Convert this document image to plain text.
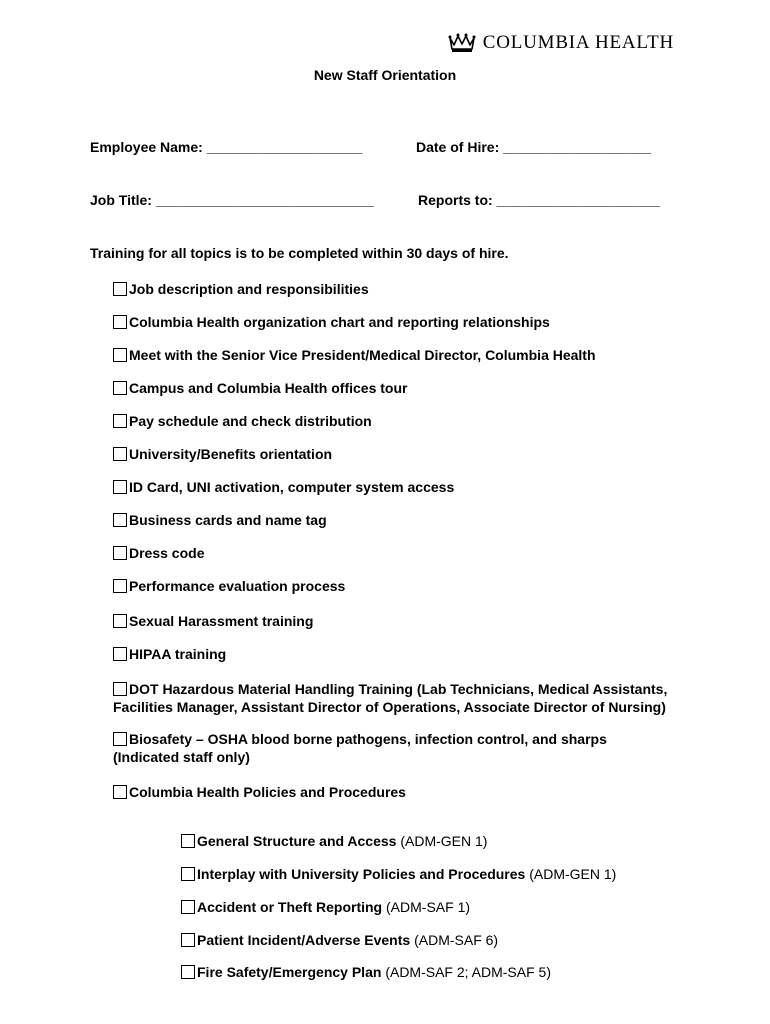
COLUMBIA HEALTH
New Staff Orientation
Employee Name: ____________________	Date of Hire: ___________________
Job Title: ____________________________	Reports to: _____________________
Training for all topics is to be completed within 30 days of hire.

Job description and responsibilities

Columbia Health organization chart and reporting relationships

Meet with the Senior Vice President/Medical Director, Columbia Health

Campus and Columbia Health offices tour

Pay schedule and check distribution

University/Benefits orientation

ID Card, UNI activation, computer system access

Business cards and name tag

Dress code

Performance evaluation process

Sexual Harassment training

HIPAA training

DOT Hazardous Material Handling Training (Lab Technicians, Medical Assistants, Facilities Manager, Assistant Director of Operations, Associate Director of Nursing)

Biosafety – OSHA blood borne pathogens, infection control, and sharps (Indicated staff only)

Columbia Health Policies and Procedures

General Structure and Access (ADM-GEN 1)
Interplay with University Policies and Procedures (ADM-GEN 1)
Accident or Theft Reporting (ADM-SAF 1)
Patient Incident/Adverse Events (ADM-SAF 6)
Fire Safety/Emergency Plan (ADM-SAF 2; ADM-SAF 5)
